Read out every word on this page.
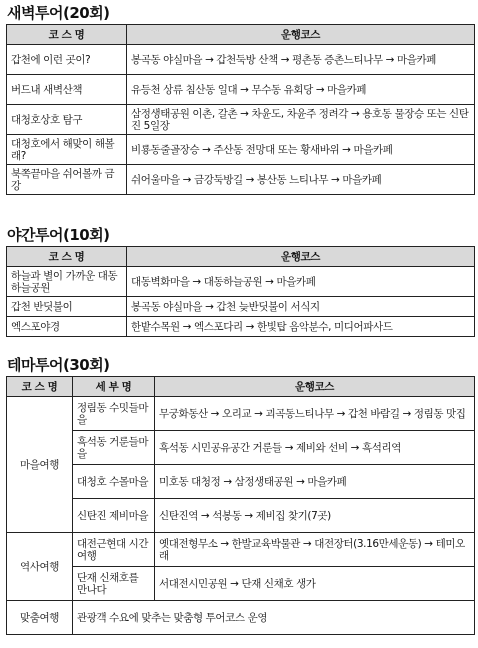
새벽투어(20회)
코 스 명	운행코스
갑천에 이런 곳이?	봉곡동 야실마을 → 갑천둑방 산책 → 평촌동 증촌느티나무 → 마을카페
버드내 새벽산책	유등천 상류 침산동 일대 → 무수동 유회당 → 마을카페
대청호상호 탐구	삼정생태공원 이촌, 갈촌 → 차윤도, 차윤주 정려각 → 용호동 물장승 또는 신탄진 5일장
대청호에서 해맞이 해볼래?	비룡동줄골장승 → 주산동 전망대 또는 황새바위 → 마을카페
북쪽끝마을 쉬어볼까 금강	쉬어울마을 → 금강둑방길 → 봉산동 느티나무 → 마을카페
야간투어(10회)
코 스 명	운행코스
하늘과 별이 가까운 대동하늘공원	대동벽화마을 → 대동하늘공원 → 마을카페
갑천 반딧불이	봉곡동 야실마을 → 갑천 늦반딧불이 서식지
엑스포야경	한밭수목원 → 엑스포다리 → 한빛탑 음악분수, 미디어파사드
테마투어(30회)
코 스 명	세 부 명	운행코스
마을여행	정림동 수밋들마을	무궁화동산 → 오리교 → 괴곡동느티나무 → 갑천 바람길 → 정림동 맛집
	흑석동 거룬들마을	흑석동 시민공유공간 거룬들 → 제비와 선비 → 흑석리역
	대청호 수몰마을	미호동 대청정 → 삼정생태공원 → 마을카페
	신탄진 제비마을	신탄진역 → 석봉동 → 제비집 찾기(7곳)
역사여행	대전근현대 시간여행	옛대전형무소 → 한발교육박물관 → 대전장터(3.16만세운동) → 테미오래
	단재 신채호를 만나다	서대전시민공원 → 단재 신채호 생가
맞춤여행	관광객 수요에 맞추는 맞춤형 투어코스 운영	
